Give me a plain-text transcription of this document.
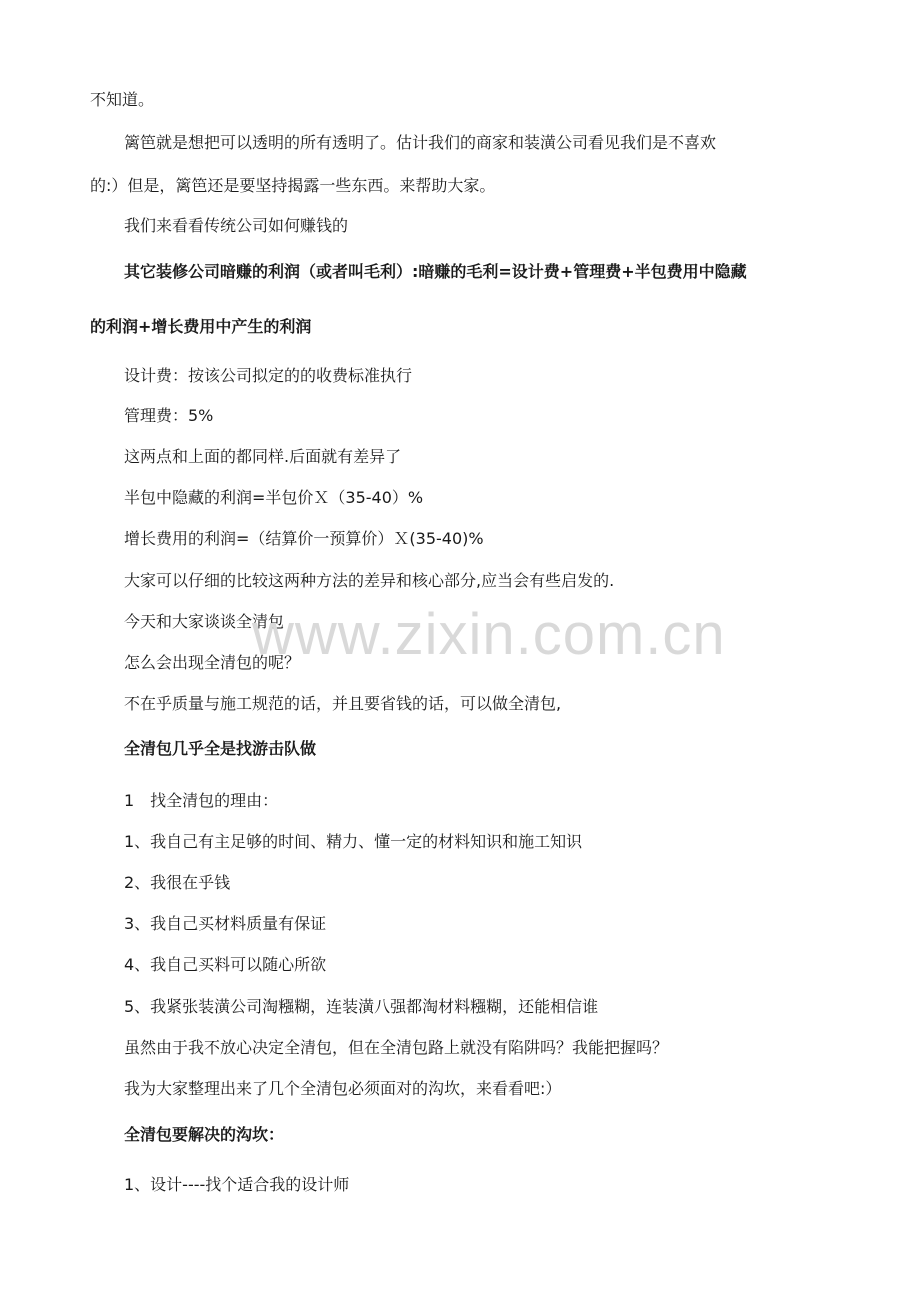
不知道。
篱笆就是想把可以透明的所有透明了。估计我们的商家和装潢公司看见我们是不喜欢
的:）但是，篱笆还是要坚持揭露一些东西。来帮助大家。
我们来看看传统公司如何赚钱的
其它装修公司暗赚的利润（或者叫毛利）:暗赚的毛利=设计费+管理费+半包费用中隐藏
的利润+增长费用中产生的利润
设计费：按该公司拟定的的收费标准执行
管理费：5%
这两点和上面的都同样.后面就有差异了
半包中隐藏的利润=半包价Ｘ（35-40）%
增长费用的利润=（结算价一预算价）Ｘ(35-40)%
大家可以仔细的比较这两种方法的差异和核心部分,应当会有些启发的.
今天和大家谈谈全清包
怎么会出现全清包的呢？
不在乎质量与施工规范的话，并且要省钱的话，可以做全清包,
全清包几乎全是找游击队做
1　找全清包的理由：
1、我自己有主足够的时间、精力、懂一定的材料知识和施工知识
2、我很在乎钱
3、我自己买材料质量有保证
4、我自己买料可以随心所欲
5、我紧张装潢公司淘糨糊，连装潢八强都淘材料糨糊，还能相信谁
虽然由于我不放心决定全清包，但在全清包路上就没有陷阱吗？我能把握吗？
我为大家整理出来了几个全清包必须面对的沟坎，来看看吧:）
全清包要解决的沟坎：
1、设计----找个适合我的设计师
www.zixin.com.cn
